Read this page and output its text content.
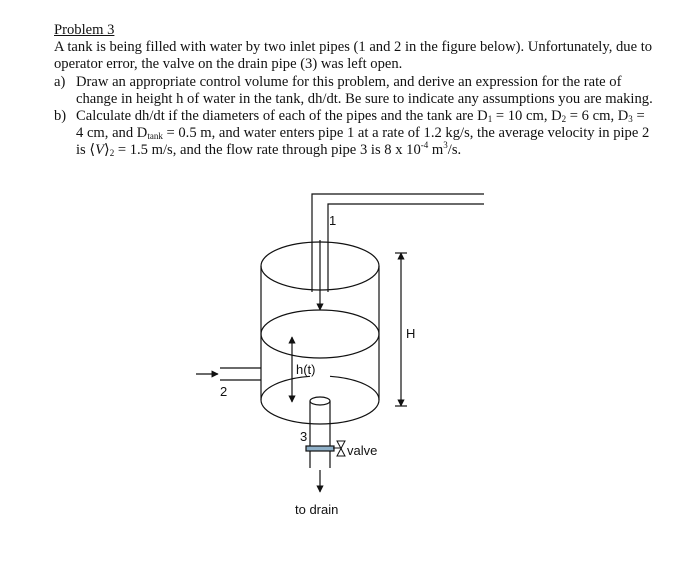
Problem 3

A tank is being filled with water by two inlet pipes (1 and 2 in the figure below). Unfortunately, due to operator error, the valve on the drain pipe (3) was left open.

a) Draw an appropriate control volume for this problem, and derive an expression for the rate of change in height h of water in the tank, dh/dt. Be sure to indicate any assumptions you are making.
b) Calculate dh/dt if the diameters of each of the pipes and the tank are $D_1 = 10$ cm, $D_2 = 6$ cm, $D_3 = 4$ cm, and $D_{tank} = 0.5$ m, and water enters pipe 1 at a rate of 1.2 kg/s, the average velocity in pipe 2 is $⟨V⟩_2 = 1.5$ m/s, and the flow rate through pipe 3 is 8 x $10^{-4}$ $m^3/s$.
1
2
3
valve
to drain
h(t)
H
